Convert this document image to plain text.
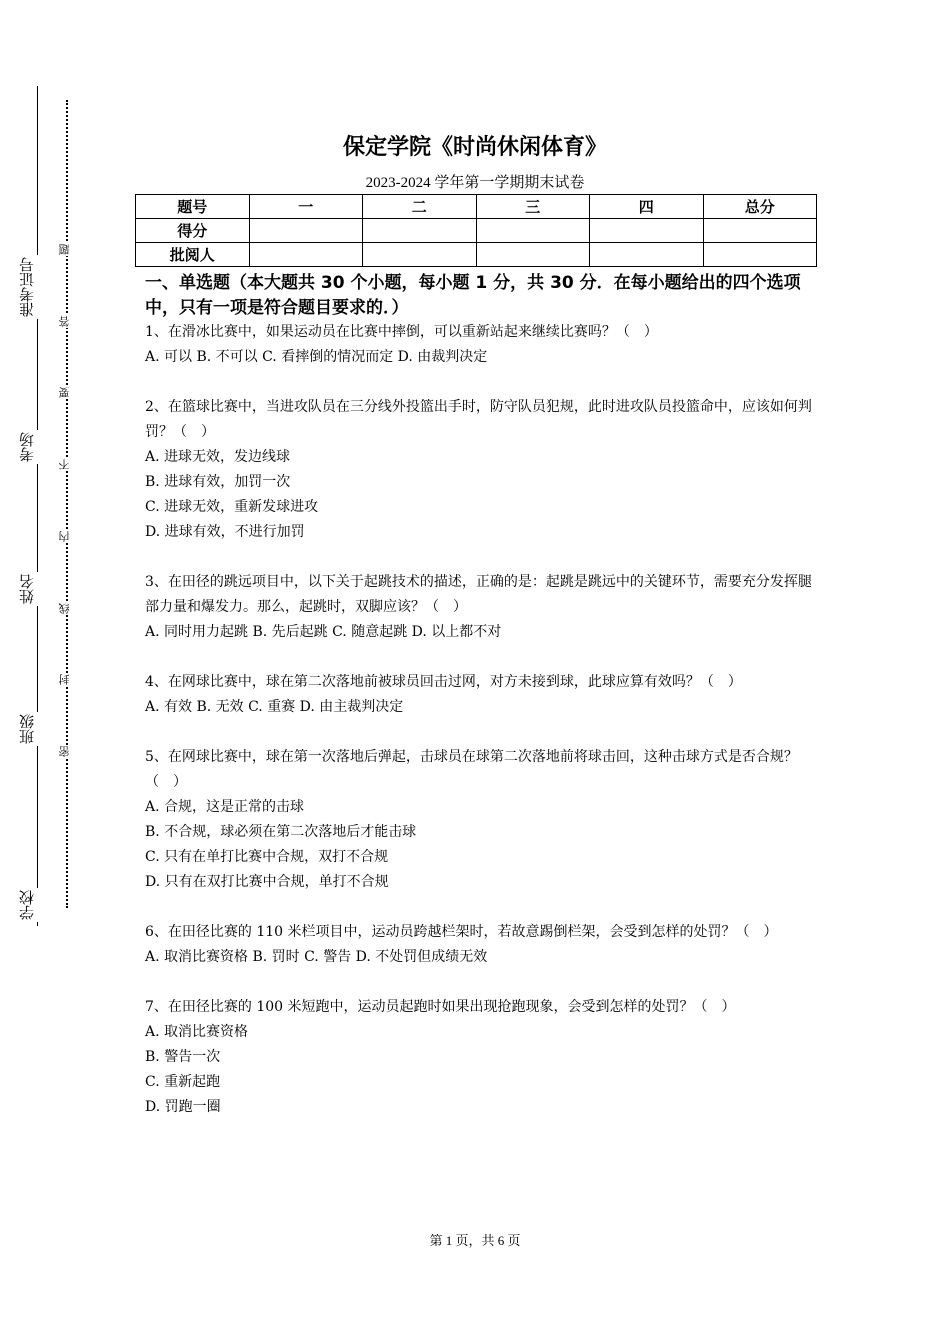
准考证号
考场
姓名
班级
学校
题
答
要
不
内
线
封
密
保定学院《时尚休闲体育》
2023-2024 学年第一学期期末试卷
题号	一	二	三	四	总分
得分					
批阅人					
一、单选题（本大题共 30 个小题，每小题 1 分，共 30 分．在每小题给出的四个选项中，只有一项是符合题目要求的．）

1、在滑冰比赛中，如果运动员在比赛中摔倒，可以重新站起来继续比赛吗？（　）

A. 可以 B. 不可以 C. 看摔倒的情况而定 D. 由裁判决定

2、在篮球比赛中，当进攻队员在三分线外投篮出手时，防守队员犯规，此时进攻队员投篮命中，应该如何判罚？（　）

A. 进球无效，发边线球

B. 进球有效，加罚一次

C. 进球无效，重新发球进攻

D. 进球有效，不进行加罚

3、在田径的跳远项目中，以下关于起跳技术的描述，正确的是：起跳是跳远中的关键环节，需要充分发挥腿部力量和爆发力。那么，起跳时，双脚应该？（　）

A. 同时用力起跳 B. 先后起跳 C. 随意起跳 D. 以上都不对

4、在网球比赛中，球在第二次落地前被球员回击过网，对方未接到球，此球应算有效吗？（　）

A. 有效 B. 无效 C. 重赛 D. 由主裁判决定

5、在网球比赛中，球在第一次落地后弹起，击球员在球第二次落地前将球击回，这种击球方式是否合规？（　）

A. 合规，这是正常的击球

B. 不合规，球必须在第二次落地后才能击球

C. 只有在单打比赛中合规，双打不合规

D. 只有在双打比赛中合规，单打不合规

6、在田径比赛的 110 米栏项目中，运动员跨越栏架时，若故意踢倒栏架，会受到怎样的处罚？（　）

A. 取消比赛资格 B. 罚时 C. 警告 D. 不处罚但成绩无效

7、在田径比赛的 100 米短跑中，运动员起跑时如果出现抢跑现象，会受到怎样的处罚？（　）

A. 取消比赛资格

B. 警告一次

C. 重新起跑

D. 罚跑一圈

第 1 页，共 6 页
